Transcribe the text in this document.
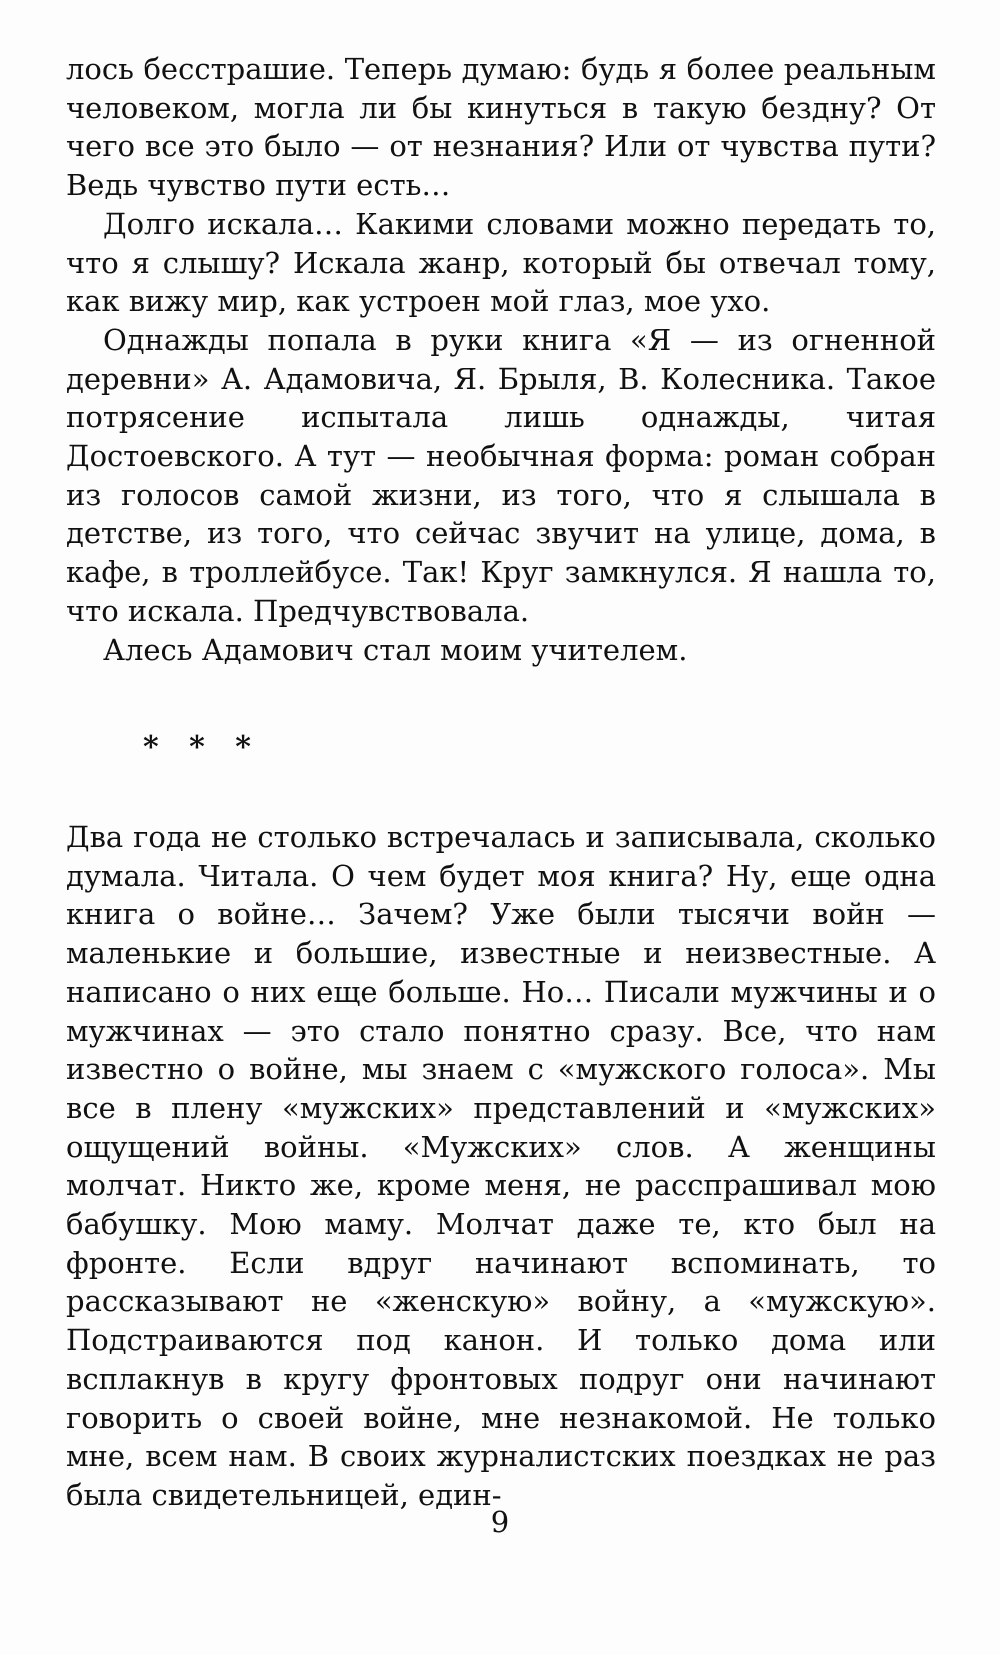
лось бесстрашие. Теперь думаю: будь я более реальным человеком, могла ли бы кинуться в такую бездну? От чего все это было — от незнания? Или от чувства пути? Ведь чувство пути есть…

Долго искала… Какими словами можно передать то, что я слышу? Искала жанр, который бы отвечал тому, как вижу мир, как устроен мой глаз, мое ухо.

Однажды попала в руки книга «Я — из огненной деревни» А. Адамовича, Я. Брыля, В. Колесника. Такое потрясение испытала лишь однажды, читая Достоевского. А тут — необычная форма: роман собран из голосов самой жизни, из того, что я слышала в детстве, из того, что сейчас звучит на улице, дома, в кафе, в троллейбусе. Так! Круг замкнулся. Я нашла то, что искала. Предчувствовала.

Алесь Адамович стал моим учителем.

* * *

Два года не столько встречалась и записывала, сколько думала. Читала. О чем будет моя книга? Ну, еще одна книга о войне… Зачем? Уже были тысячи войн — маленькие и большие, известные и неизвестные. А написано о них еще больше. Но… Писали мужчины и о мужчинах — это стало понятно сразу. Все, что нам известно о войне, мы знаем с «мужского голоса». Мы все в плену «мужских» представлений и «мужских» ощущений войны. «Мужских» слов. А женщины молчат. Никто же, кроме меня, не расспрашивал мою бабушку. Мою маму. Молчат даже те, кто был на фронте. Если вдруг начинают вспоминать, то рассказывают не «женскую» войну, а «мужскую». Подстраиваются под канон. И только дома или всплакнув в кругу фронтовых подруг они начинают говорить о своей войне, мне незнакомой. Не только мне, всем нам. В своих журналистских поездках не раз была свидетельницей, един-

9
